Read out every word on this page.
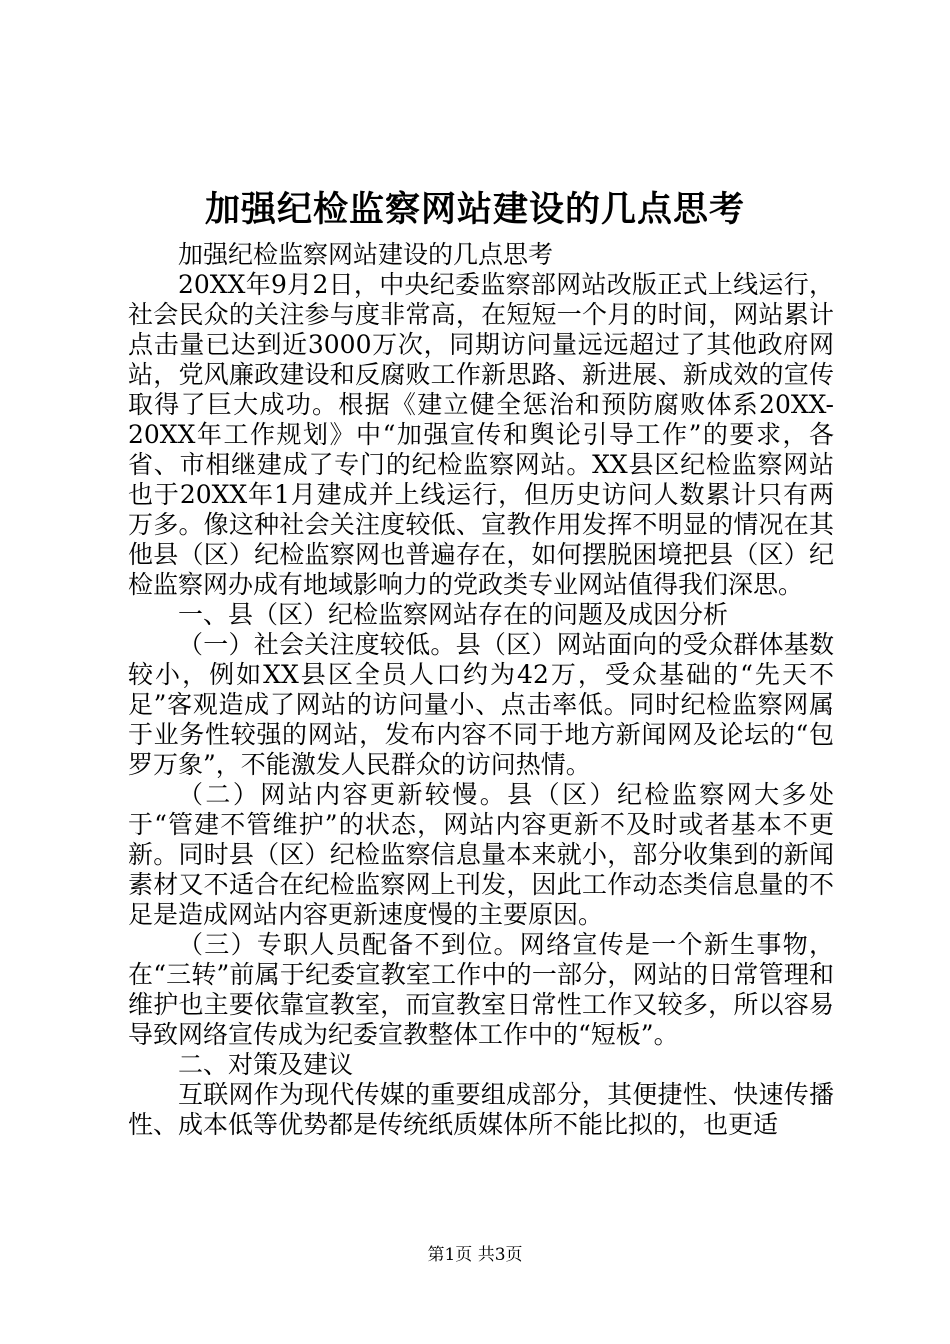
加强纪检监察网站建设的几点思考

加强纪检监察网站建设的几点思考

20XX年9月2日，中央纪委监察部网站改版正式上线运行，社会民众的关注参与度非常高，在短短一个月的时间，网站累计点击量已达到近3000万次，同期访问量远远超过了其他政府网站，党风廉政建设和反腐败工作新思路、新进展、新成效的宣传取得了巨大成功。根据《建立健全惩治和预防腐败体系20XX-20XX年工作规划》中“加强宣传和舆论引导工作”的要求，各省、市相继建成了专门的纪检监察网站。XX县区纪检监察网站也于20XX年1月建成并上线运行，但历史访问人数累计只有两万多。像这种社会关注度较低、宣教作用发挥不明显的情况在其他县（区）纪检监察网也普遍存在，如何摆脱困境把县（区）纪检监察网办成有地域影响力的党政类专业网站值得我们深思。

一、县（区）纪检监察网站存在的问题及成因分析

（一）社会关注度较低。县（区）网站面向的受众群体基数较小，例如XX县区全员人口约为42万，受众基础的“先天不足”客观造成了网站的访问量小、点击率低。同时纪检监察网属于业务性较强的网站，发布内容不同于地方新闻网及论坛的“包罗万象”，不能激发人民群众的访问热情。

（二）网站内容更新较慢。县（区）纪检监察网大多处于“管建不管维护”的状态，网站内容更新不及时或者基本不更新。同时县（区）纪检监察信息量本来就小，部分收集到的新闻素材又不适合在纪检监察网上刊发，因此工作动态类信息量的不足是造成网站内容更新速度慢的主要原因。

（三）专职人员配备不到位。网络宣传是一个新生事物，在“三转”前属于纪委宣教室工作中的一部分，网站的日常管理和维护也主要依靠宣教室，而宣教室日常性工作又较多，所以容易导致网络宣传成为纪委宣教整体工作中的“短板”。

二、对策及建议

互联网作为现代传媒的重要组成部分，其便捷性、快速传播性、成本低等优势都是传统纸质媒体所不能比拟的，也更适

第1页 共3页
